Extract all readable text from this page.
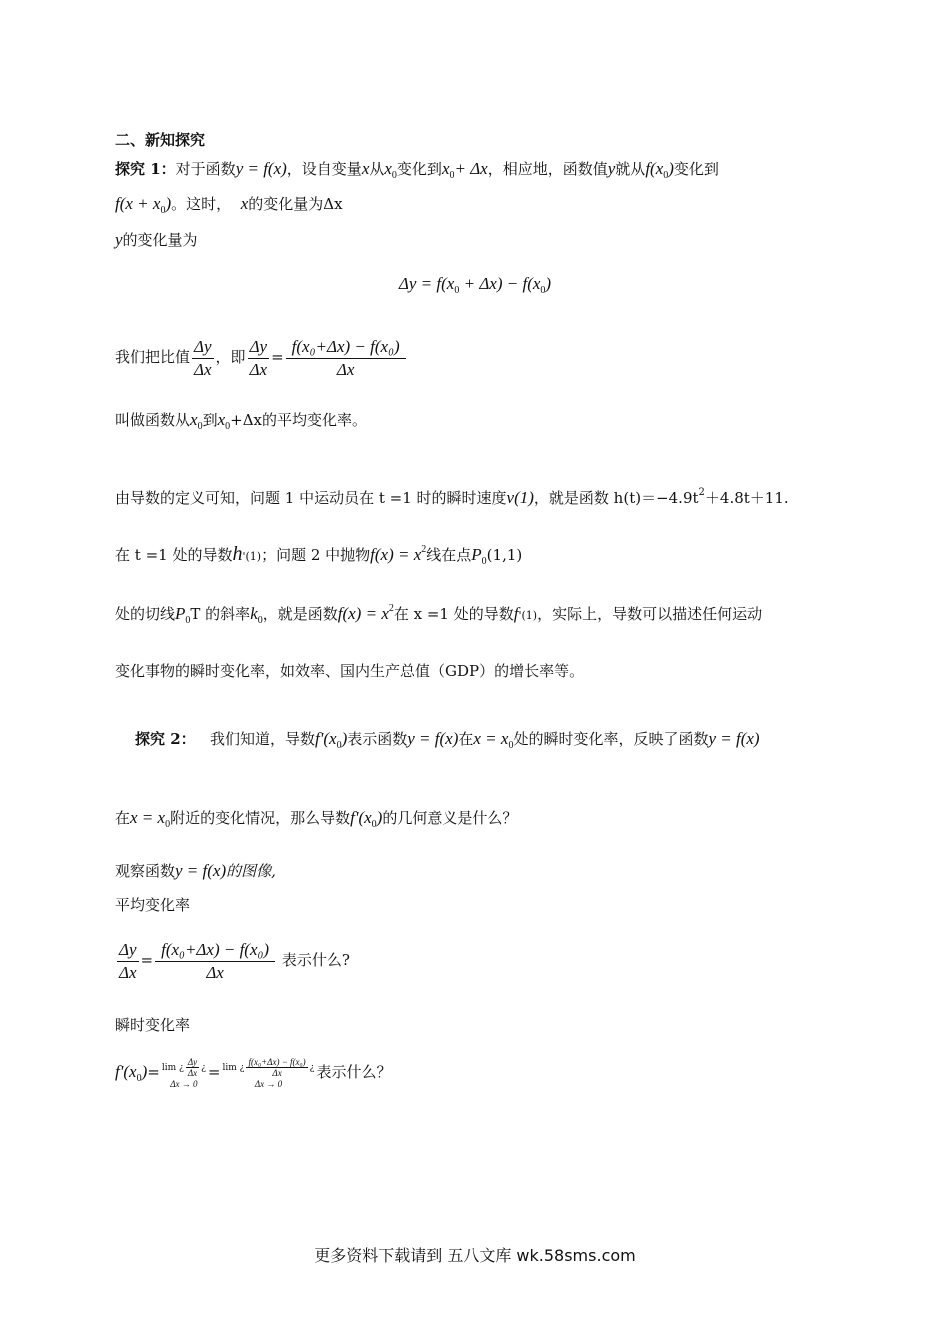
二、新知探究
探究 1：对于函数y = f(x)，设自变量x从$x_0$变化到$x_0+ \Delta x$，相应地，函数值y就从$f(x_0)$变化到
$f(x + x_0)$。这时， x的变化量为Δx
y的变化量为
$\Delta y = f(x_0 + \Delta x) - f(x_0)$
我们把比值 $\frac{\Delta y}{\Delta x}$ ，即 $\frac{\Delta y}{\Delta x} = \frac{\text{f(x₀+Δx) − f(x₀)}}{\Delta x}$
叫做函数从$x_0$到$x_0+\Delta x$的平均变化率。
由导数的定义可知，问题 1 中运动员在 t =1 时的瞬时速度v(1)，就是函数 $h(t)=-4.9t^2+4.8t+11$.
在 t =1 处的导数h'(1)；问题 2 中抛物$f(x) = x^2$线在点$P_0(1,1)$
处的切线$P_0T$ 的斜率$k_0$，就是函数$f(x) = x^2$在 x =1 处的导数f'(1)，实际上，导数可以描述任何运动
变化事物的瞬时变化率，如效率、国内生产总值（GDP）的增长率等。
探究 2： 我们知道，导数$f'(x_0)$表示函数y = f(x)在$x = x_0$处的瞬时变化率，反映了函数y = f(x)
在$x = x_0$附近的变化情况，那么导数$f'(x_0)$的几何意义是什么？
观察函数y = f(x)的图像,
平均变化率
$\frac{\Delta y}{\Delta x} = \frac{\text{f(x₀+Δx) − f(x₀)}}{\Delta x}$ 表示什么?
瞬时变化率
$f'(x_0)= \lim$ ¿ $\frac{\Delta y}{\Delta x}$ ¿
Δx → 0
= lim ¿ $\frac{\text{f(x₀+Δx) − f(x₀)}}{\Delta x}$ ¿
Δx → 0
表示什么？
更多资料下载请到 五八文库 wk.58sms.com
